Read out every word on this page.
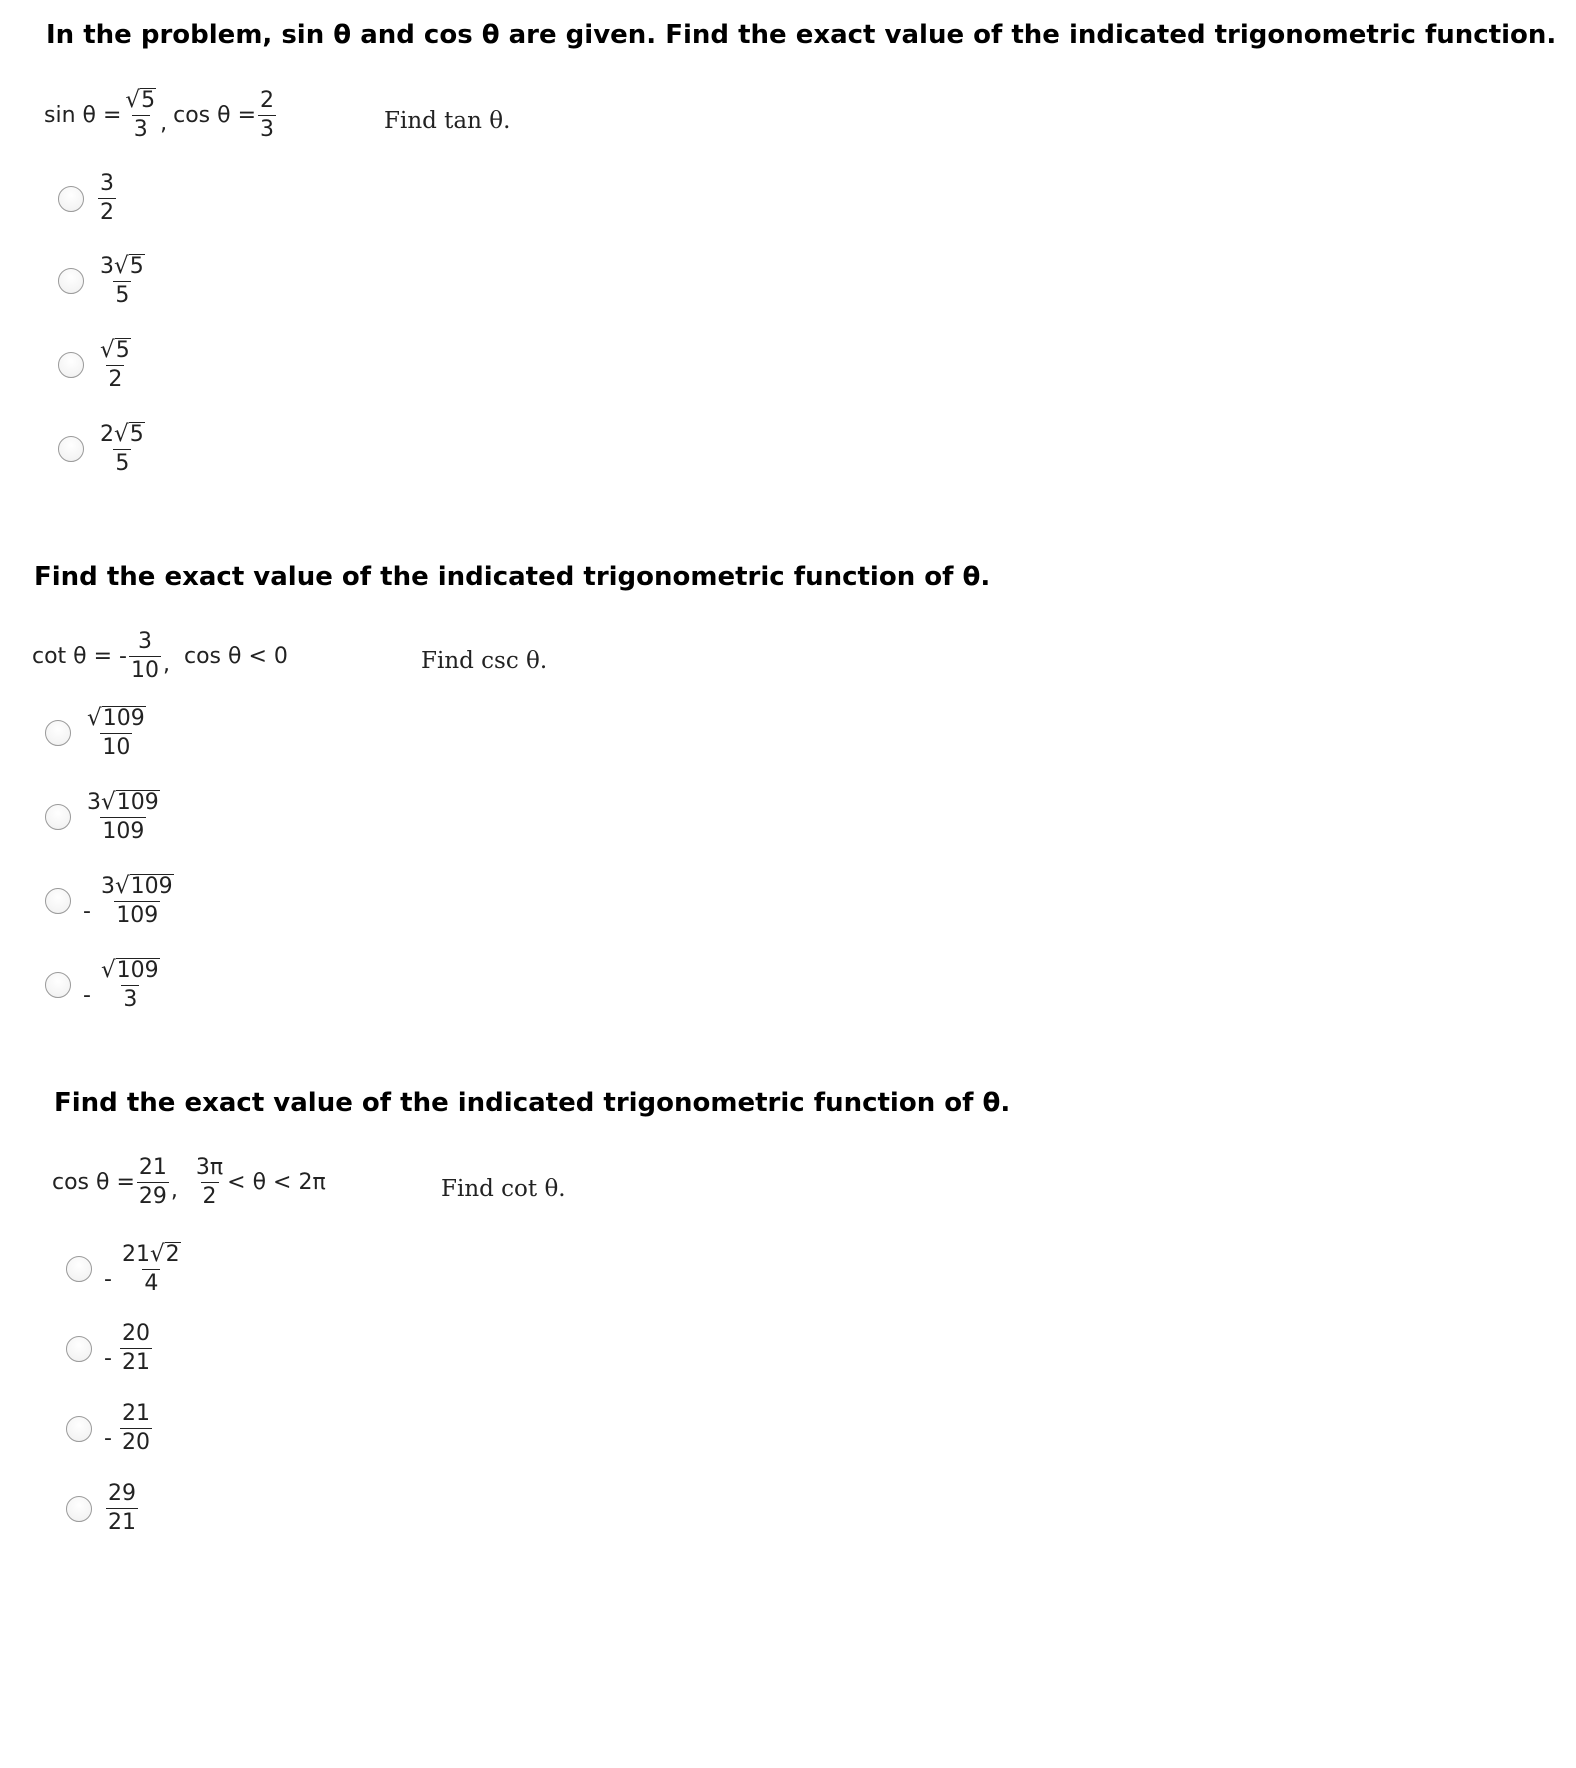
In the problem, sin θ and cos θ are given. Find the exact value of the indicated trigonometric function.
$\sin \theta = \frac{√ 5}{3}$ , $\cos \theta = \frac{2}{3}$	Find tan θ.
$\frac{3}{2}$
$\frac{3 √ 5}{5}$
$\frac{√ 5}{2}$
$\frac{2 √ 5}{5}$
Find the exact value of the indicated trigonometric function of θ.
cot θ = - $\frac{3}{10}$ , cos θ < 0	Find csc θ.
$\frac{√ 109}{10}$
$\frac{3 √ 109}{109}$
- $\frac{3 √ 109}{109}$
- $\frac{√ 109}{3}$
Find the exact value of the indicated trigonometric function of θ.
$\cos \theta = \frac{21}{29}$ , $\frac{3\pi}{2} < \theta < 2\pi$	Find cot θ.
- $\frac{21 √ 2}{4}$
- $\frac{20}{21}$
- $\frac{21}{20}$
$\frac{29}{21}$
